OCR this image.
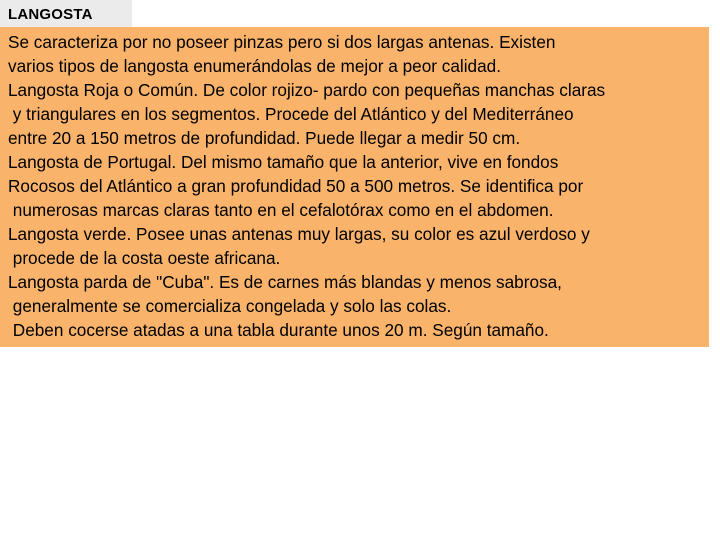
LANGOSTA
Se caracteriza por no poseer pinzas pero si dos largas antenas. Existen
varios tipos de langosta enumerándolas de mejor a peor calidad.
Langosta Roja o Común. De color rojizo- pardo con pequeñas manchas claras
y triangulares en los segmentos. Procede del Atlántico y del Mediterráneo
entre 20 a 150 metros de profundidad. Puede llegar a medir 50 cm.
Langosta de Portugal. Del mismo tamaño que la anterior, vive en fondos
Rocosos del Atlántico a gran profundidad 50 a 500 metros. Se identifica por
numerosas marcas claras tanto en el cefalotórax como en el abdomen.
Langosta verde. Posee unas antenas muy largas, su color es azul verdoso y
procede de la costa oeste africana.
Langosta parda de "Cuba". Es de carnes más blandas y menos sabrosa,
generalmente se comercializa congelada y solo las colas.
Deben cocerse atadas a una tabla durante unos 20 m. Según tamaño.
